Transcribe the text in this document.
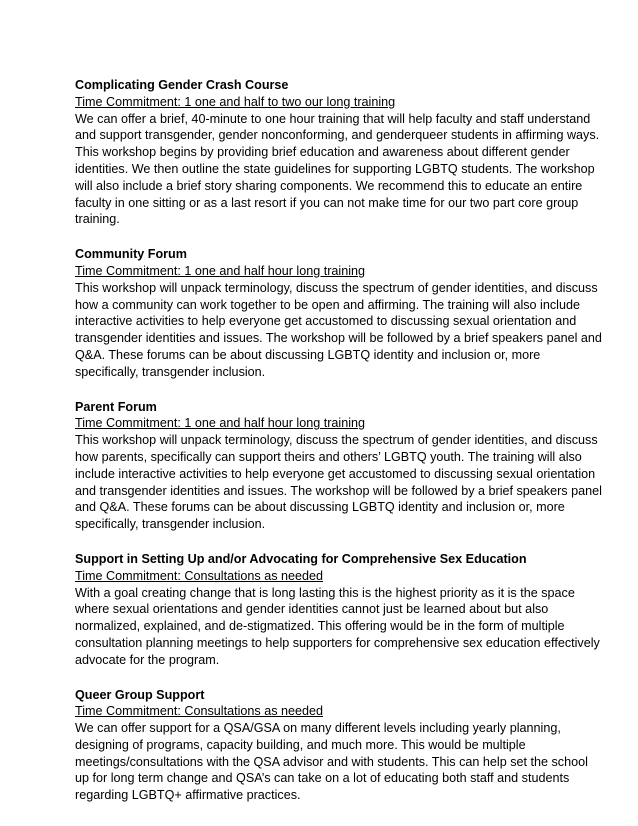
Complicating Gender Crash Course

Time Commitment: 1 one and half to two our long training

We can offer a brief, 40-minute to one hour training that will help faculty and staff understand and support transgender, gender nonconforming, and genderqueer students in affirming ways. This workshop begins by providing brief education and awareness about different gender identities. We then outline the state guidelines for supporting LGBTQ students. The workshop will also include a brief story sharing components. We recommend this to educate an entire faculty in one sitting or as a last resort if you can not make time for our two part core group training.

Community Forum

Time Commitment: 1 one and half hour long training

This workshop will unpack terminology, discuss the spectrum of gender identities, and discuss how a community can work together to be open and affirming. The training will also include interactive activities to help everyone get accustomed to discussing sexual orientation and transgender identities and issues. The workshop will be followed by a brief speakers panel and Q&A. These forums can be about discussing LGBTQ identity and inclusion or, more specifically, transgender inclusion.

Parent Forum

Time Commitment: 1 one and half hour long training

This workshop will unpack terminology, discuss the spectrum of gender identities, and discuss how parents, specifically can support theirs and others’ LGBTQ youth. The training will also include interactive activities to help everyone get accustomed to discussing sexual orientation and transgender identities and issues. The workshop will be followed by a brief speakers panel and Q&A. These forums can be about discussing LGBTQ identity and inclusion or, more specifically, transgender inclusion.

Support in Setting Up and/or Advocating for Comprehensive Sex Education

Time Commitment: Consultations as needed

With a goal creating change that is long lasting this is the highest priority as it is the space where sexual orientations and gender identities cannot just be learned about but also normalized, explained, and de-stigmatized. This offering would be in the form of multiple consultation planning meetings to help supporters for comprehensive sex education effectively advocate for the program.

Queer Group Support

Time Commitment: Consultations as needed

We can offer support for a QSA/GSA on many different levels including yearly planning, designing of programs, capacity building, and much more. This would be multiple meetings/consultations with the QSA advisor and with students. This can help set the school up for long term change and QSA’s can take on a lot of educating both staff and students regarding LGBTQ+ affirmative practices.
